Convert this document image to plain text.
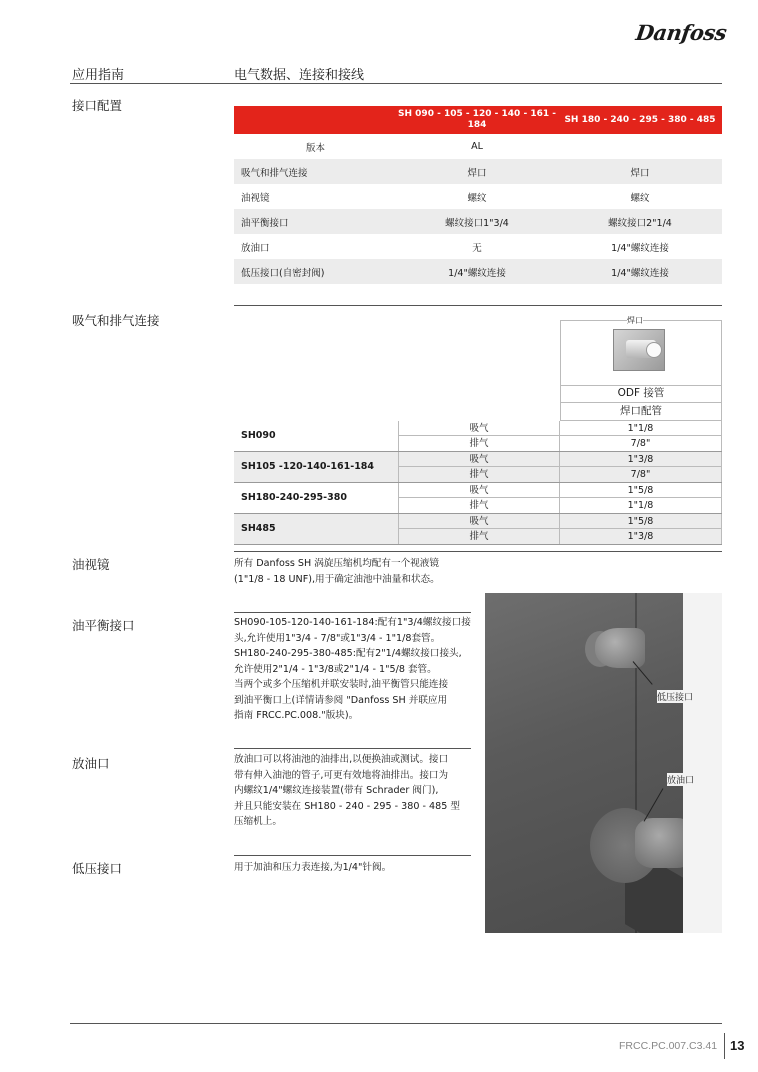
Danfoss
应用指南	电气数据、连接和接线
接口配置
SH 090 - 105 - 120 - 140 - 161 - 184
SH 180 - 240 - 295 - 380 - 485
版本	AL
吸气和排气连接	焊口	焊口
油视镜	螺纹	螺纹
油平衡接口	螺纹接口1"3/4	螺纹接口2"1/4
放油口	无	1/4"螺纹连接
低压接口(自密封阀)	1/4"螺纹连接	1/4"螺纹连接
吸气和排气连接	焊口
ODF 接管
焊口配管
SH090
吸气	1"1/8
排气	7/8"
SH105 -120-140-161-184
吸气	1"3/8
排气	7/8"
SH180-240-295-380
吸气	1"5/8
排气	1"1/8
SH485
吸气	1"5/8
排气	1"3/8
油视镜	所有 Danfoss SH 涡旋压缩机均配有一个视液镜
(1"1/8 - 18 UNF),用于确定油池中油量和状态。
油平衡接口	SH090-105-120-140-161-184:配有1"3/4螺纹接口接
头,允许使用1"3/4 - 7/8"或1"3/4 - 1"1/8套管。
SH180-240-295-380-485:配有2"1/4螺纹接口接头,
允许使用2"1/4 - 1"3/8或2"1/4 - 1"5/8 套管。
当两个或多个压缩机并联安装时,油平衡管只能连接
到油平衡口上(详情请参阅 "Danfoss SH 并联应用
指南 FRCC.PC.008."版块)。
放油口	放油口可以将油池的油排出,以便换油或测试。接口
带有伸入油池的管子,可更有效地将油排出。接口为
内螺纹1/4"螺纹连接装置(带有 Schrader 阀门),
并且只能安装在 SH180 - 240 - 295 - 380 - 485 型
压缩机上。
低压接口	用于加油和压力表连接,为1/4"针阀。
低压接口
放油口
FRCC.PC.007.C3.41 13
